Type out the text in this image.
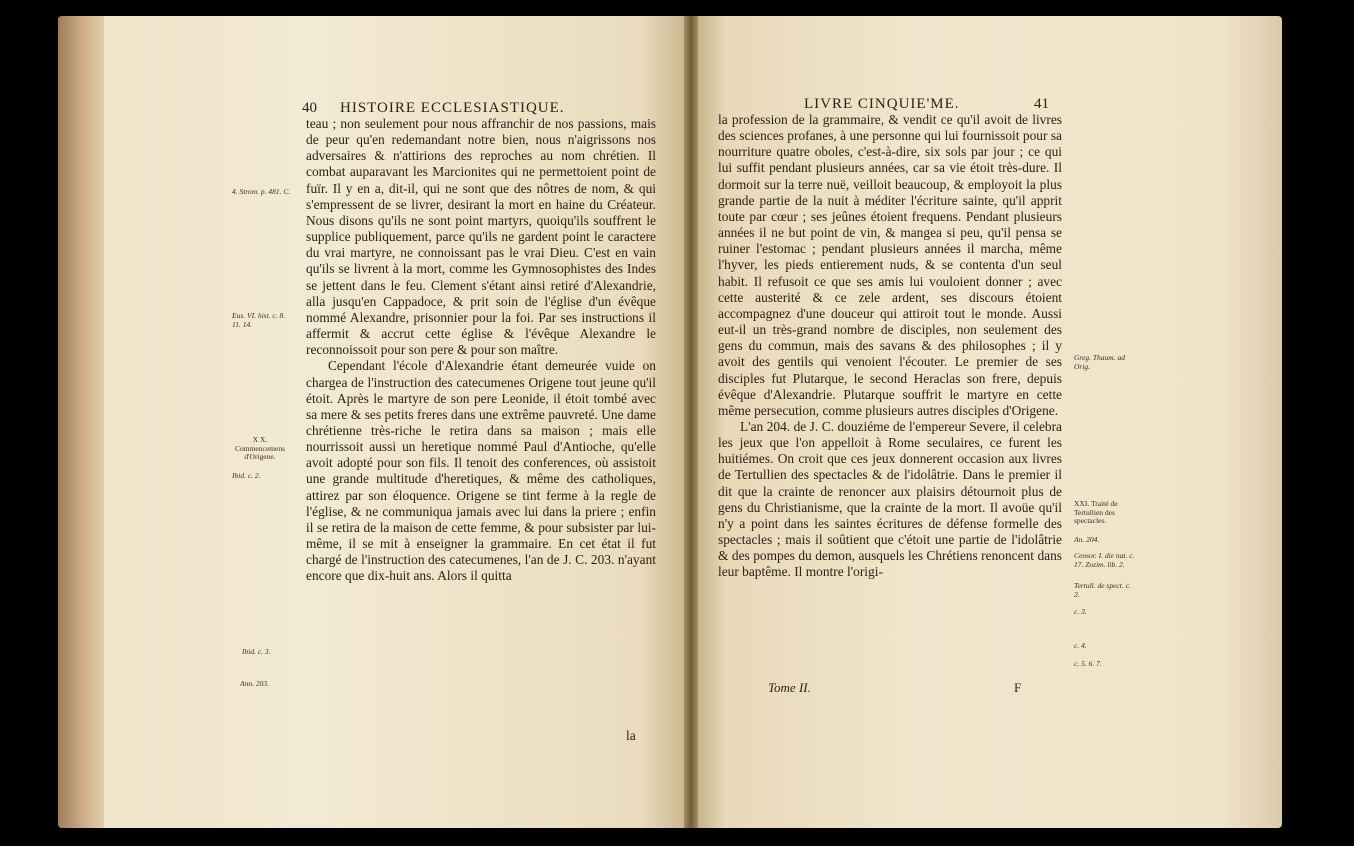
40 HISTOIRE ECCLESIASTIQUE.

teau ; non seulement pour nous affranchir de nos passions, mais de peur qu'en redemandant notre bien, nous n'aigrissons nos adversaires & n'attirions des reproches au nom chrétien. Il combat auparavant les Marcionites qui ne permettoient point de fuïr. Il y en a, dit-il, qui ne sont que des nôtres de nom, & qui s'empressent de se livrer, desirant la mort en haine du Créateur. Nous disons qu'ils ne sont point martyrs, quoiqu'ils souffrent le supplice publiquement, parce qu'ils ne gardent point le caractere du vrai martyre, ne connoissant pas le vrai Dieu. C'est en vain qu'ils se livrent à la mort, comme les Gymnosophistes des Indes se jettent dans le feu. Clement s'étant ainsi retiré d'Alexandrie, alla jusqu'en Cappadoce, & prit soin de l'église d'un évêque nommé Alexandre, prisonnier pour la foi. Par ses instructions il affermit & accrut cette église & l'évêque Alexandre le reconnoissoit pour son pere & pour son maître.

Cependant l'école d'Alexandrie étant demeurée vuide on chargea de l'instruction des catecumenes Origene tout jeune qu'il étoit. Après le martyre de son pere Leonide, il étoit tombé avec sa mere & ses petits freres dans une extrême pauvreté. Une dame chrétienne très-riche le retira dans sa maison ; mais elle nourrissoit aussi un heretique nommé Paul d'Antioche, qu'elle avoit adopté pour son fils. Il tenoit des conferences, où assistoit une grande multitude d'heretiques, & même des catholiques, attirez par son éloquence. Origene se tint ferme à la regle de l'église, & ne communiqua jamais avec lui dans la priere ; enfin il se retira de la maison de cette femme, & pour subsister par lui-même, il se mit à enseigner la grammaire. En cet état il fut chargé de l'instruction des catecumenes, l'an de J. C. 203. n'ayant encore que dix-huit ans. Alors il quitta

la
4. Strom. p. 481. C.
Eus. VI. hist. c. 8. 11. 14.
X X. Commencemens d'Origene.
Ibid. c. 2.
Ibid. c. 3.
Ann. 203.
LIVRE CINQUIE'ME.	41

la profession de la grammaire, & vendit ce qu'il avoit de livres des sciences profanes, à une personne qui lui fournissoit pour sa nourriture quatre oboles, c'est-à-dire, six sols par jour ; ce qui lui suffit pendant plusieurs années, car sa vie étoit très-dure. Il dormoit sur la terre nuë, veilloit beaucoup, & employoit la plus grande partie de la nuit à méditer l'écriture sainte, qu'il apprit toute par cœur ; ses jeûnes étoient frequens. Pendant plusieurs années il ne but point de vin, & mangea si peu, qu'il pensa se ruiner l'estomac ; pendant plusieurs années il marcha, même l'hyver, les pieds entierement nuds, & se contenta d'un seul habit. Il refusoit ce que ses amis lui vouloient donner ; avec cette austerité & ce zele ardent, ses discours étoient accompagnez d'une douceur qui attiroit tout le monde. Aussi eut-il un très-grand nombre de disciples, non seulement des gens du commun, mais des savans & des philosophes ; il y avoit des gentils qui venoient l'écouter. Le premier de ses disciples fut Plutarque, le second Heraclas son frere, depuis évêque d'Alexandrie. Plutarque souffrit le martyre en cette même persecution, comme plusieurs autres disciples d'Origene.

L'an 204. de J. C. douziéme de l'empereur Severe, il celebra les jeux que l'on appelloit à Rome seculaires, ce furent les huitiémes. On croit que ces jeux donnerent occasion aux livres de Tertullien des spectacles & de l'idolâtrie. Dans le premier il dit que la crainte de renoncer aux plaisirs détournoit plus de gens du Christianisme, que la crainte de la mort. Il avoüe qu'il n'y a point dans les saintes écritures de défense formelle des spectacles ; mais il soûtient que c'étoit une partie de l'idolâtrie & des pompes du demon, ausquels les Chrétiens renoncent dans leur baptême. Il montre l'origi-

Tome II.	F
Greg. Thaum. ad Orig.
XXI. Traité de Tertullien des spectacles.
An. 204.
Censor. I. die nat. c. 17. Zozim. lib. 2.
Tertull. de spect. c. 2.
c. 3.
c. 4.
c. 5. 6. 7.
